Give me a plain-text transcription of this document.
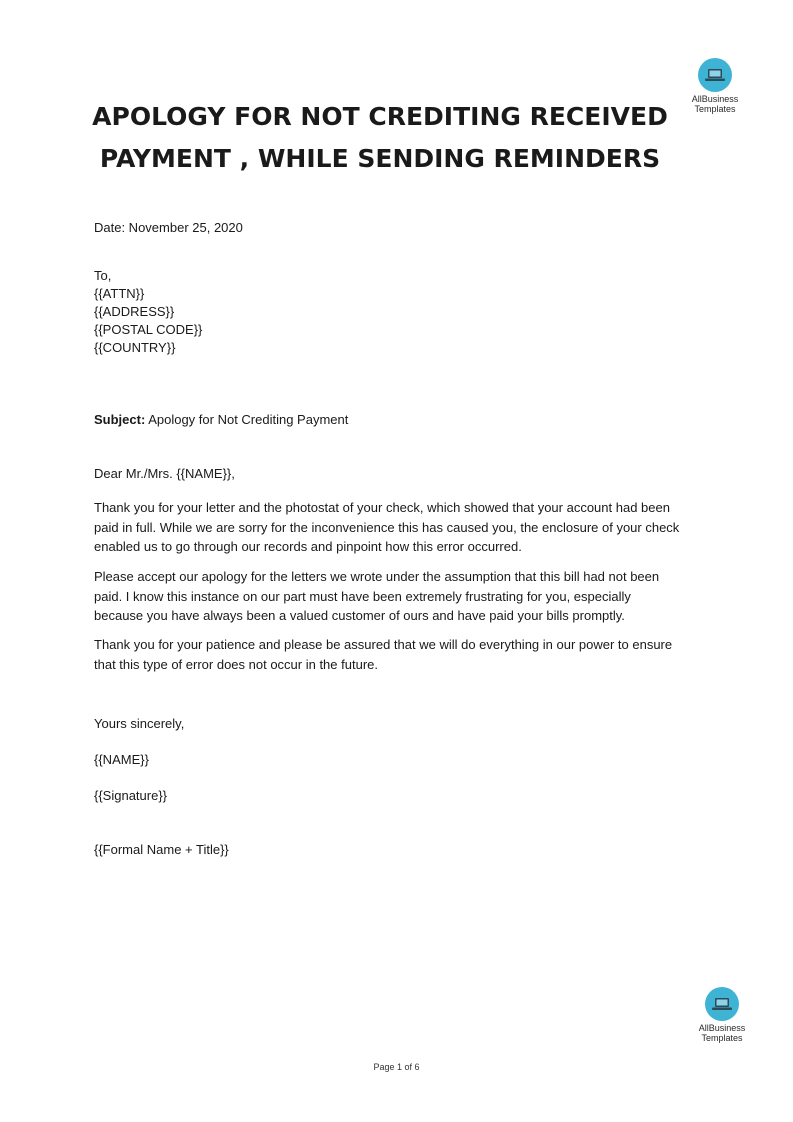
AllBusiness
Templates
APOLOGY FOR NOT CREDITING RECEIVED
PAYMENT , WHILE SENDING REMINDERS
Date: November 25, 2020
To,
{{ATTN}}
{{ADDRESS}}
{{POSTAL CODE}}
{{COUNTRY}}
Subject: Apology for Not Crediting Payment
Dear Mr./Mrs. {{NAME}},
Thank you for your letter and the photostat of your check, which showed that your account had been
paid in full. While we are sorry for the inconvenience this has caused you, the enclosure of your check
enabled us to go through our records and pinpoint how this error occurred.
Please accept our apology for the letters we wrote under the assumption that this bill had not been
paid. I know this instance on our part must have been extremely frustrating for you, especially
because you have always been a valued customer of ours and have paid your bills promptly.
Thank you for your patience and please be assured that we will do everything in our power to ensure
that this type of error does not occur in the future.
Yours sincerely,
{{NAME}}
{{Signature}}
{{Formal Name + Title}}
AllBusiness
Templates
Page 1 of 6
